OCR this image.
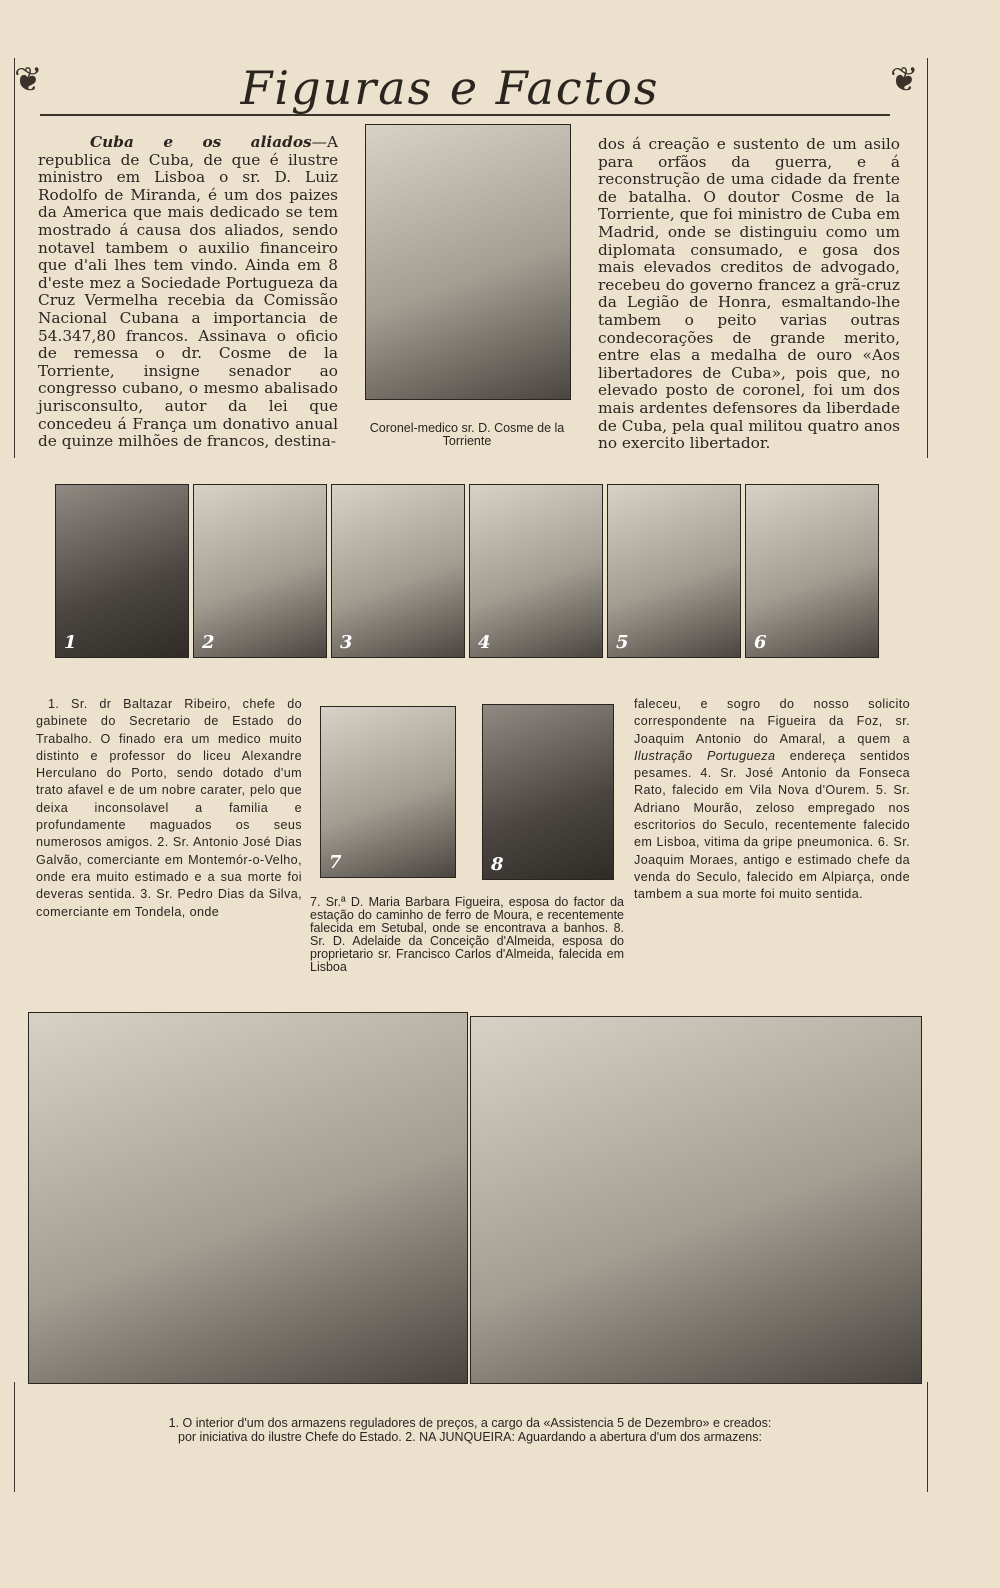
❦	❦
Figuras e Factos
Cuba e os aliados—A republica de Cuba, de que é ilustre ministro em Lisboa o sr. D. Luiz Rodolfo de Miranda, é um dos paizes da America que mais dedicado se tem mostrado á causa dos aliados, sendo notavel tambem o auxilio financeiro que d'ali lhes tem vindo. Ainda em 8 d'este mez a Sociedade Portugueza da Cruz Vermelha recebia da Comissão Nacional Cubana a importancia de 54.347,80 francos. Assinava o oficio de remessa o dr. Cosme de la Torriente, insigne senador ao congresso cubano, o mesmo abalisado jurisconsulto, autor da lei que concedeu á França um donativo anual de quinze milhões de francos, destina-
Coronel-medico sr. D. Cosme de la Torriente
dos á creação e sustento de um asilo para orfãos da guerra, e á reconstrução de uma cidade da frente de batalha. O doutor Cosme de la Torriente, que foi ministro de Cuba em Madrid, onde se distinguiu como um diplomata consumado, e gosa dos mais elevados creditos de advogado, recebeu do governo francez a grã-cruz da Legião de Honra, esmaltando-lhe tambem o peito varias outras condecorações de grande merito, entre elas a medalha de ouro «Aos libertadores de Cuba», pois que, no elevado posto de coronel, foi um dos mais ardentes defensores da liberdade de Cuba, pela qual militou quatro anos no exercito libertador.
1	2	3	4	5	6
1. Sr. dr Baltazar Ribeiro, chefe do gabinete do Secretario de Estado do Trabalho. O finado era um medico muito distinto e professor do liceu Alexandre Herculano do Porto, sendo dotado d'um trato afavel e de um nobre carater, pelo que deixa inconsolavel a familia e profundamente maguados os seus numerosos amigos. 2. Sr. Antonio José Dias Galvão, comerciante em Montemór-o-Velho, onde era muito estimado e a sua morte foi deveras sentida. 3. Sr. Pedro Dias da Silva, comerciante em Tondela, onde
7	8
7. Sr.ª D. Maria Barbara Figueira, esposa do factor da estação do caminho de ferro de Moura, e recentemente falecida em Setubal, onde se encontrava a banhos. 8. Sr. D. Adelaide da Conceição d'Almeida, esposa do proprietario sr. Francisco Carlos d'Almeida, falecida em Lisboa
faleceu, e sogro do nosso solicito correspondente na Figueira da Foz, sr. Joaquim Antonio do Amaral, a quem a Ilustração Portugueza endereça sentidos pesames. 4. Sr. José Antonio da Fonseca Rato, falecido em Vila Nova d'Ourem. 5. Sr. Adriano Mourão, zeloso empregado nos escritorios do Seculo, recentemente falecido em Lisboa, vitima da gripe pneumonica. 6. Sr. Joaquim Moraes, antigo e estimado chefe da venda do Seculo, falecido em Alpiarça, onde tambem a sua morte foi muito sentida.
1. O interior d'um dos armazens reguladores de preços, a cargo da «Assistencia 5 de Dezembro» e creados:
por iniciativa do ilustre Chefe do Estado. 2. NA JUNQUEIRA: Aguardando a abertura d'um dos armazens:
